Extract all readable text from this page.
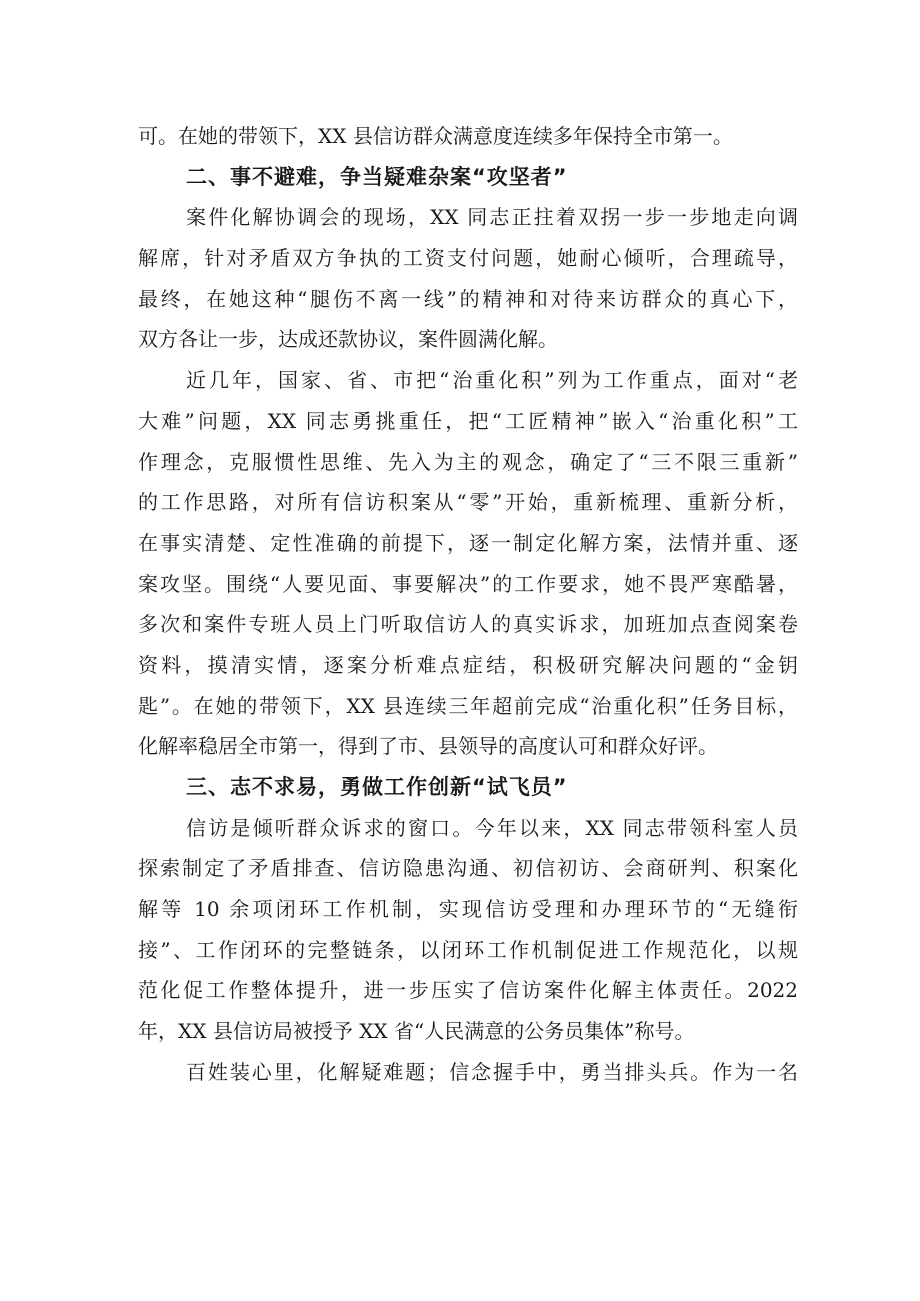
可。在她的带领下，XX 县信访群众满意度连续多年保持全市第一。
二、事不避难，争当疑难杂案“攻坚者”
案件化解协调会的现场，XX 同志正拄着双拐一步一步地走向调
解席，针对矛盾双方争执的工资支付问题，她耐心倾听，合理疏导，
最终，在她这种“腿伤不离一线”的精神和对待来访群众的真心下，
双方各让一步，达成还款协议，案件圆满化解。
近几年，国家、省、市把“治重化积”列为工作重点，面对“老
大难”问题，XX 同志勇挑重任，把“工匠精神”嵌入“治重化积”工
作理念，克服惯性思维、先入为主的观念，确定了“三不限三重新”
的工作思路，对所有信访积案从“零”开始，重新梳理、重新分析，
在事实清楚、定性准确的前提下，逐一制定化解方案，法情并重、逐
案攻坚。围绕“人要见面、事要解决”的工作要求，她不畏严寒酷暑，
多次和案件专班人员上门听取信访人的真实诉求，加班加点查阅案卷
资料，摸清实情，逐案分析难点症结，积极研究解决问题的“金钥
匙”。在她的带领下，XX 县连续三年超前完成“治重化积”任务目标，
化解率稳居全市第一，得到了市、县领导的高度认可和群众好评。
三、志不求易，勇做工作创新“试飞员”
信访是倾听群众诉求的窗口。今年以来，XX 同志带领科室人员
探索制定了矛盾排查、信访隐患沟通、初信初访、会商研判、积案化
解等 10 余项闭环工作机制，实现信访受理和办理环节的“无缝衔
接”、工作闭环的完整链条，以闭环工作机制促进工作规范化，以规
范化促工作整体提升，进一步压实了信访案件化解主体责任。2022
年，XX 县信访局被授予 XX 省“人民满意的公务员集体”称号。
百姓装心里，化解疑难题；信念握手中，勇当排头兵。作为一名
